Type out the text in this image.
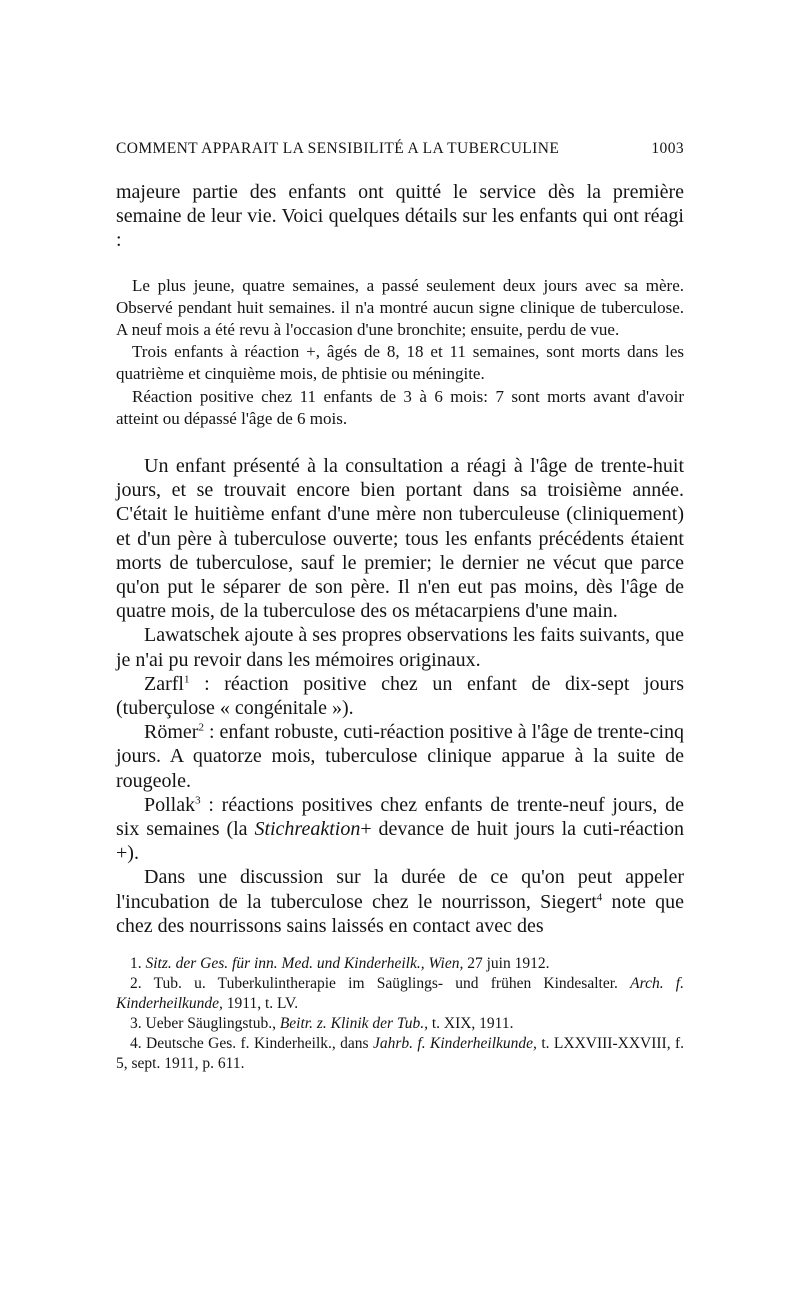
COMMENT APPARAIT LA SENSIBILITÉ A LA TUBERCULINE	1003

majeure partie des enfants ont quitté le service dès la première semaine de leur vie. Voici quelques détails sur les enfants qui ont réagi :

Le plus jeune, quatre semaines, a passé seulement deux jours avec sa mère. Observé pendant huit semaines. il n'a montré aucun signe clinique de tuberculose. A neuf mois a été revu à l'occasion d'une bronchite; ensuite, perdu de vue.

Trois enfants à réaction +, âgés de 8, 18 et 11 semaines, sont morts dans les quatrième et cinquième mois, de phtisie ou méningite.

Réaction positive chez 11 enfants de 3 à 6 mois: 7 sont morts avant d'avoir atteint ou dépassé l'âge de 6 mois.

Un enfant présenté à la consultation a réagi à l'âge de trente-huit jours, et se trouvait encore bien portant dans sa troisième année. C'était le huitième enfant d'une mère non tuberculeuse (cliniquement) et d'un père à tuberculose ouverte; tous les enfants précédents étaient morts de tuberculose, sauf le premier; le dernier ne vécut que parce qu'on put le séparer de son père. Il n'en eut pas moins, dès l'âge de quatre mois, de la tuberculose des os métacarpiens d'une main.

Lawatschek ajoute à ses propres observations les faits suivants, que je n'ai pu revoir dans les mémoires originaux.

Zarfl$^1$ : réaction positive chez un enfant de dix-sept jours (tuberçulose « congénitale »).

Römer$^2$ : enfant robuste, cuti-réaction positive à l'âge de trente-cinq jours. A quatorze mois, tuberculose clinique apparue à la suite de rougeole.

Pollak$^3$ : réactions positives chez enfants de trente-neuf jours, de six semaines (la Stichreaktion+ devance de huit jours la cuti-réaction +).

Dans une discussion sur la durée de ce qu'on peut appeler l'incubation de la tuberculose chez le nourrisson, Siegert$^4$ note que chez des nourrissons sains laissés en contact avec des

1. Sitz. der Ges. für inn. Med. und Kinderheilk., Wien, 27 juin 1912.

2. Tub. u. Tuberkulintherapie im Saüglings- und frühen Kindesalter. Arch. f. Kinderheilkunde, 1911, t. LV.

3. Ueber Säuglingstub., Beitr. z. Klinik der Tub., t. XIX, 1911.

4. Deutsche Ges. f. Kinderheilk., dans Jahrb. f. Kinderheilkunde, t. LXXVIII-XXVIII, f. 5, sept. 1911, p. 611.
